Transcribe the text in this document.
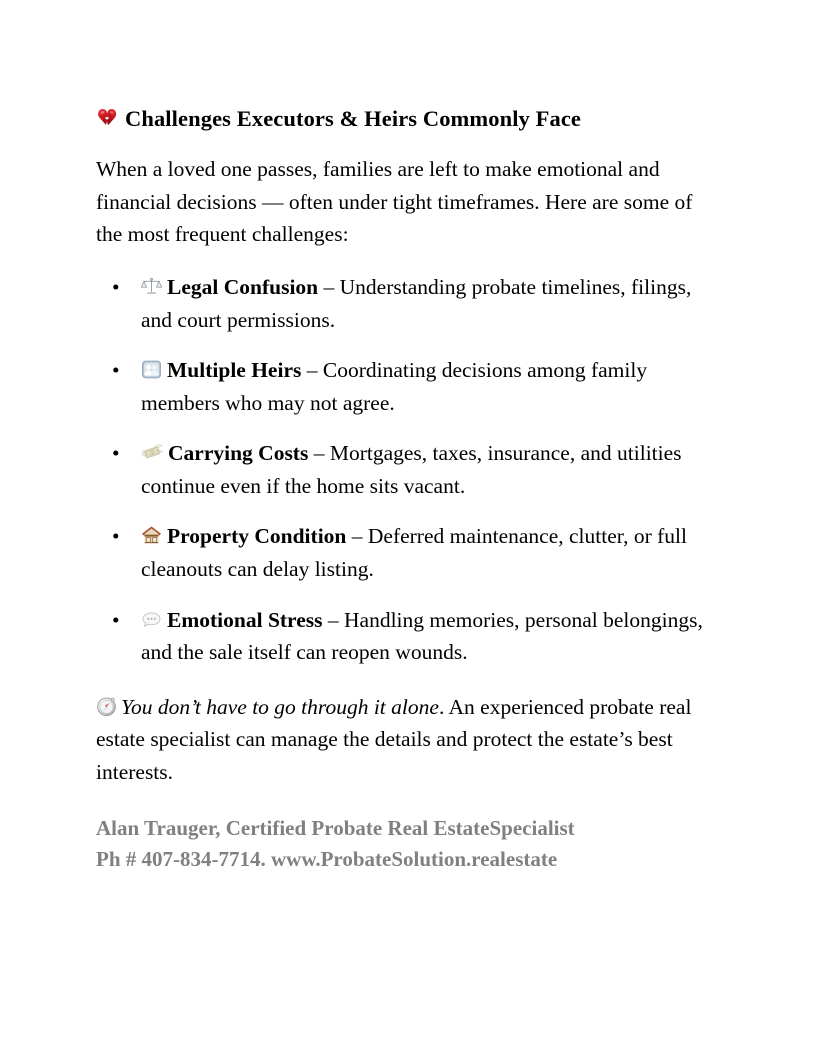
Challenges Executors & Heirs Commonly Face

When a loved one passes, families are left to make emotional and financial decisions — often under tight timeframes. Here are some of the most frequent challenges:

• Legal Confusion – Understanding probate timelines, filings, and court permissions.
• Multiple Heirs – Coordinating decisions among family members who may not agree.
•	$ Carrying Costs – Mortgages, taxes, insurance, and utilities continue even if the home sits vacant.
• Property Condition – Deferred maintenance, clutter, or full cleanouts can delay listing.
• Emotional Stress – Handling memories, personal belongings, and the sale itself can reopen wounds.

You don’t have to go through it alone. An experienced probate real estate specialist can manage the details and protect the estate’s best interests.

Alan Trauger, Certified Probate Real EstateSpecialist
Ph # 407-834-7714. www.ProbateSolution.realestate
